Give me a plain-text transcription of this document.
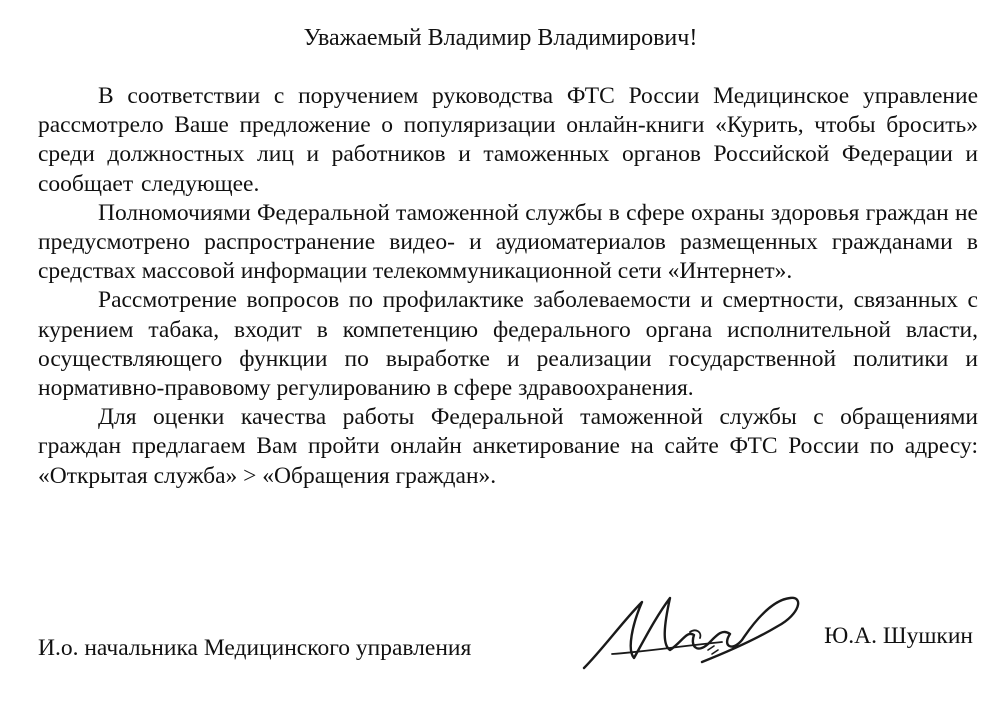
Уважаемый Владимир Владимирович!

В соответствии с поручением руководства ФТС России Медицинское управление рассмотрело Ваше предложение о популяризации онлайн-книги «Курить, чтобы бросить» среди должностных лиц и работников и таможенных органов Российской Федерации и сообщает следующее.

Полномочиями Федеральной таможенной службы в сфере охраны здоровья граждан не предусмотрено распространение видео- и аудиоматериалов размещенных гражданами в средствах массовой информации телекоммуникационной сети «Интернет».

Рассмотрение вопросов по профилактике заболеваемости и смертности, связанных с курением табака, входит в компетенцию федерального органа исполнительной власти, осуществляющего функции по выработке и реализации государственной политики и нормативно-правовому регулированию в сфере здравоохранения.

Для оценки качества работы Федеральной таможенной службы с обращениями граждан предлагаем Вам пройти онлайн анкетирование на сайте ФТС России по адресу: «Открытая служба» > «Обращения граждан».

И.о. начальника Медицинского управления	Ю.А. Шушкин
